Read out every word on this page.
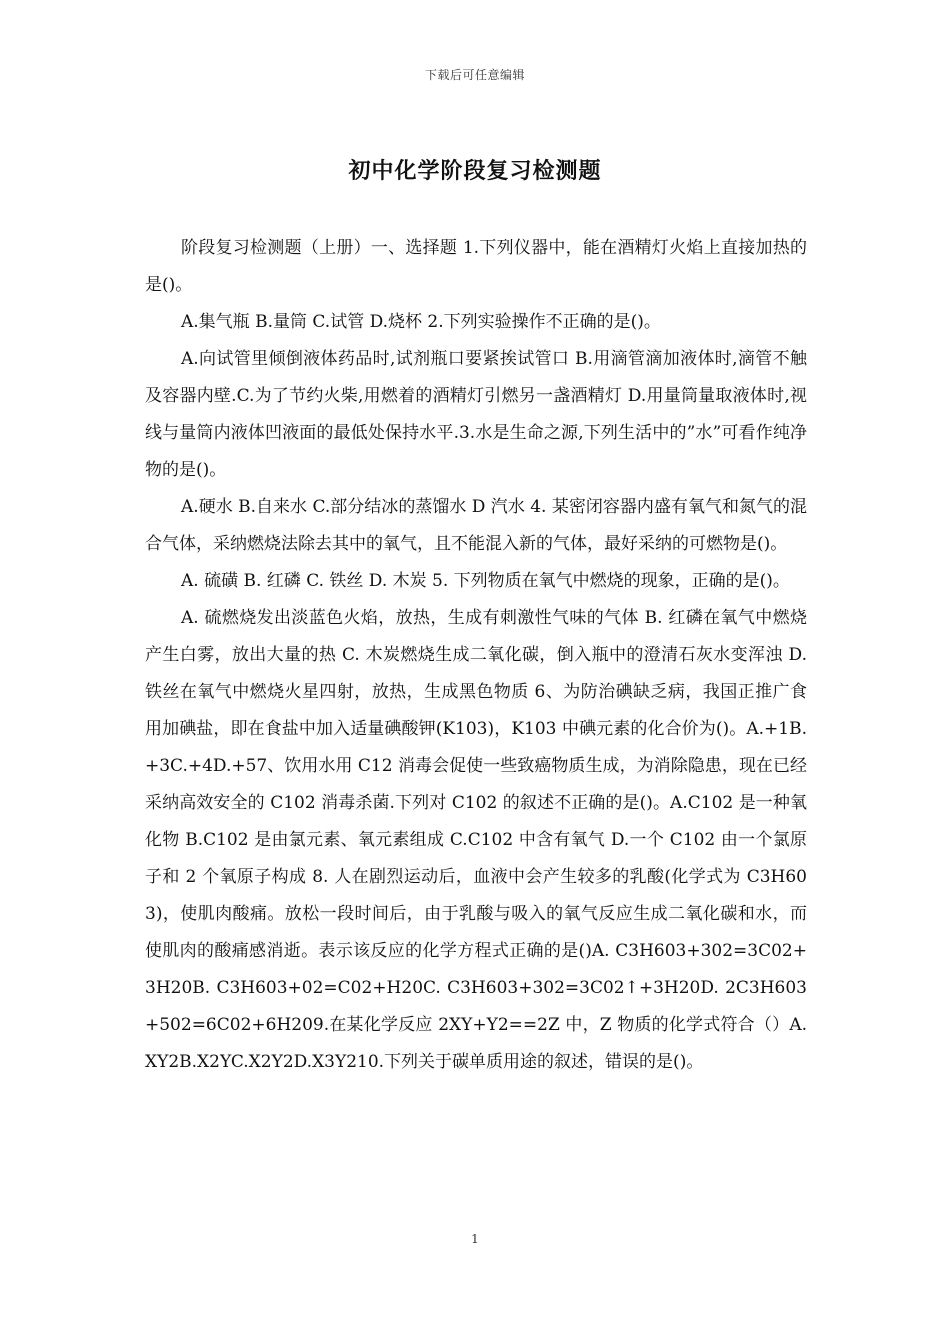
下载后可任意编辑
初中化学阶段复习检测题

阶段复习检测题（上册）一、选择题 1.下列仪器中，能在酒精灯火焰上直接加热的是()。

A.集气瓶 B.量筒 C.试管 D.烧杯 2.下列实验操作不正确的是()。

A.向试管里倾倒液体药品时,试剂瓶口要紧挨试管口 B.用滴管滴加液体时,滴管不触及容器内壁.C.为了节约火柴,用燃着的酒精灯引燃另一盏酒精灯 D.用量筒量取液体时,视线与量筒内液体凹液面的最低处保持水平.3.水是生命之源,下列生活中的”水”可看作纯净物的是()。

A.硬水 B.自来水 C.部分结冰的蒸馏水 D 汽水 4. 某密闭容器内盛有氧气和氮气的混合气体，采纳燃烧法除去其中的氧气，且不能混入新的气体，最好采纳的可燃物是()。

A. 硫磺 B. 红磷 C. 铁丝 D. 木炭 5. 下列物质在氧气中燃烧的现象，正确的是()。

A. 硫燃烧发出淡蓝色火焰，放热，生成有刺激性气味的气体 B. 红磷在氧气中燃烧产生白雾，放出大量的热 C. 木炭燃烧生成二氧化碳，倒入瓶中的澄清石灰水变浑浊 D. 铁丝在氧气中燃烧火星四射，放热，生成黑色物质 6、为防治碘缺乏病，我国正推广食用加碘盐，即在食盐中加入适量碘酸钾(K103)，K103 中碘元素的化合价为()。A.+1B.+3C.+4D.+57、饮用水用 C12 消毒会促使一些致癌物质生成，为消除隐患，现在已经采纳高效安全的 C102 消毒杀菌.下列对 C102 的叙述不正确的是()。A.C102 是一种氧化物 B.C102 是由氯元素、氧元素组成 C.C102 中含有氧气 D.一个 C102 由一个氯原子和 2 个氧原子构成 8. 人在剧烈运动后，血液中会产生较多的乳酸(化学式为 C3H603)，使肌肉酸痛。放松一段时间后，由于乳酸与吸入的氧气反应生成二氧化碳和水，而使肌肉的酸痛感消逝。表示该反应的化学方程式正确的是()A. C3H603+302=3C02+3H20B. C3H603+02=C02+H20C. C3H603+302=3C02↑+3H20D. 2C3H603+502=6C02+6H209.在某化学反应 2XY+Y2==2Z 中，Z 物质的化学式符合（）A.XY2B.X2YC.X2Y2D.X3Y210.下列关于碳单质用途的叙述，错误的是()。

1
